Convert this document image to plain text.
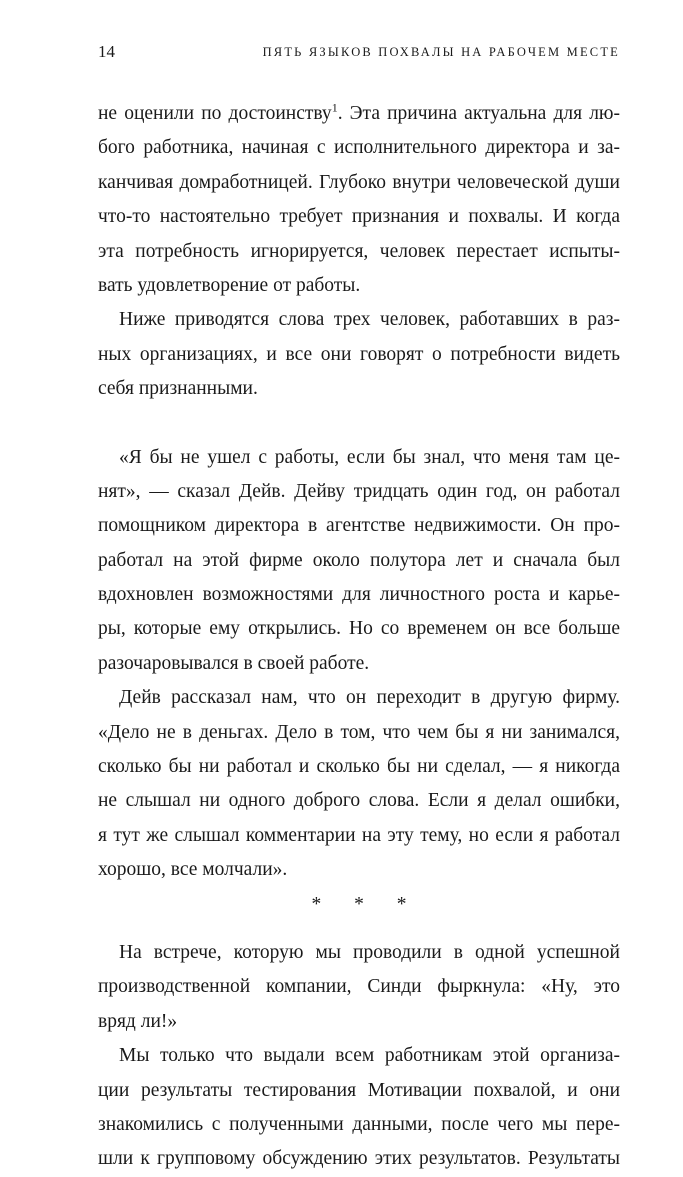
14	ПЯТЬ ЯЗЫКОВ ПОХВАЛЫ НА РАБОЧЕМ МЕСТЕ
не оценили по достоинству$^1$. Эта причина актуальна для лю-
бого работника, начиная с исполнительного директора и за-
канчивая домработницей. Глубоко внутри человеческой души
что-то настоятельно требует признания и похвалы. И когда
эта потребность игнорируется, человек перестает испыты-
вать удовлетворение от работы.
Ниже приводятся слова трех человек, работавших в раз-
ных организациях, и все они говорят о потребности видеть
себя признанными.
«Я бы не ушел с работы, если бы знал, что меня там це-
нят», — сказал Дейв. Дейву тридцать один год, он работал
помощником директора в агентстве недвижимости. Он про-
работал на этой фирме около полутора лет и сначала был
вдохновлен возможностями для личностного роста и карье-
ры, которые ему открылись. Но со временем он все больше
разочаровывался в своей работе.
Дейв рассказал нам, что он переходит в другую фирму.
«Дело не в деньгах. Дело в том, что чем бы я ни занимался,
сколько бы ни работал и сколько бы ни сделал, — я никогда
не слышал ни одного доброго слова. Если я делал ошибки,
я тут же слышал комментарии на эту тему, но если я работал
хорошо, все молчали».
* * *
На встрече, которую мы проводили в одной успешной
производственной компании, Синди фыркнула: «Ну, это
вряд ли!»
Мы только что выдали всем работникам этой организа-
ции результаты тестирования Мотивации похвалой, и они
знакомились с полученными данными, после чего мы пере-
шли к групповому обсуждению этих результатов. Результаты
